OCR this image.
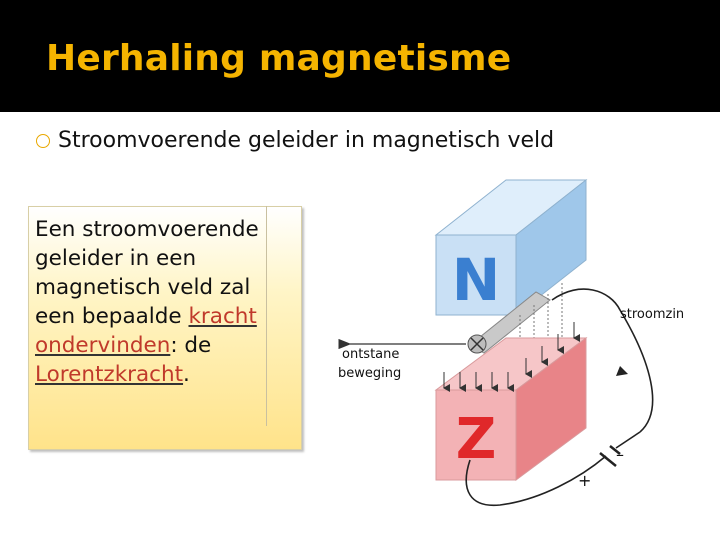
Herhaling magnetisme
Stroomvoerende geleider in magnetisch veld
Een stroomvoerende geleider in een magnetisch veld zal een bepaalde kracht ondervinden: de Lorentzkracht.
N
Z
ontstane
beweging
stroomzin
+
–
